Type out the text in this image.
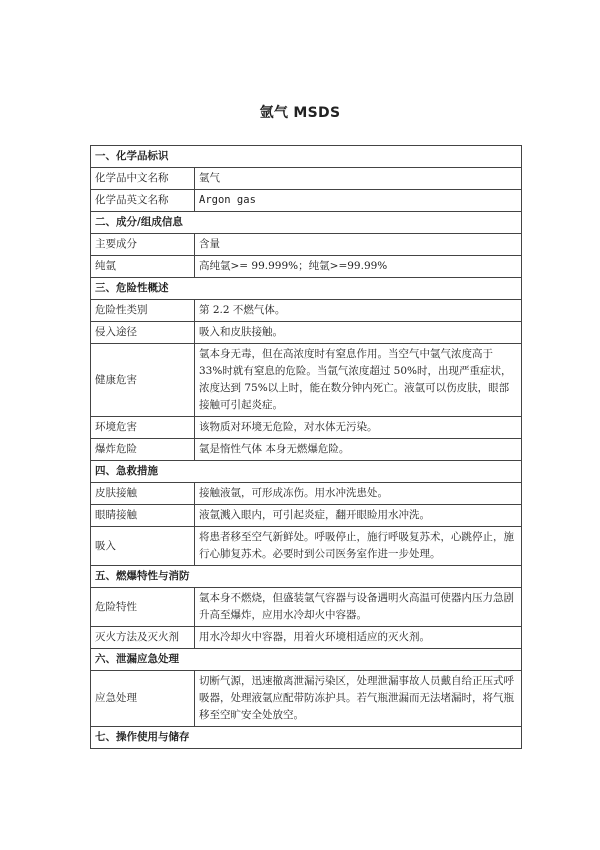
氩气 MSDS
一、化学品标识	
化学品中文名称	氩气
化学品英文名称	Argon gas
二、成分/组成信息	
主要成分	含量
纯氩	高纯氩>= 99.999%；纯氩>=99.99%
三、危险性概述	
危险性类别	第 2.2 不燃气体。
侵入途径	吸入和皮肤接触。
健康危害	氩本身无毒，但在高浓度时有窒息作用。当空气中氩气浓度高于 33%时就有窒息的危险。当氩气浓度超过 50%时，出现严重症状，浓度达到 75%以上时，能在数分钟内死亡。液氩可以伤皮肤，眼部接触可引起炎症。
环境危害	该物质对环境无危险，对水体无污染。
爆炸危险	氩是惰性气体 本身无燃爆危险。
四、急救措施	
皮肤接触	接触液氩，可形成冻伤。用水冲洗患处。
眼睛接触	液氩溅入眼内，可引起炎症，翻开眼睑用水冲洗。
吸入	将患者移至空气新鲜处。呼吸停止，施行呼吸复苏术，心跳停止，施行心肺复苏术。必要时到公司医务室作进一步处理。
五、燃爆特性与消防	
危险特性	氩本身不燃烧，但盛装氩气容器与设备遇明火高温可使器内压力急剧升高至爆炸，应用水冷却火中容器。
灭火方法及灭火剂	用水冷却火中容器，用着火环境相适应的灭火剂。
六、泄漏应急处理	
应急处理	切断气源，迅速撤离泄漏污染区，处理泄漏事故人员戴自给正压式呼吸器，处理液氩应配带防冻护具。若气瓶泄漏而无法堵漏时，将气瓶移至空旷安全处放空。
七、操作使用与储存	
